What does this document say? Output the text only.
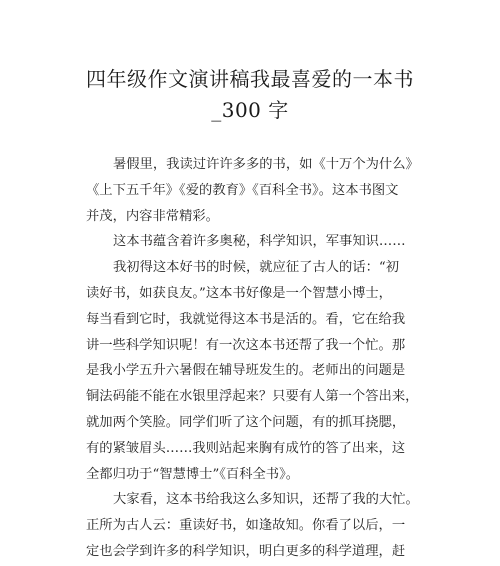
四年级作文演讲稿我最喜爱的一本书
_300 字
暑假里，我读过许许多多的书，如《十万个为什么》
《上下五千年》《爱的教育》《百科全书》。这本书图文
并茂，内容非常精彩。
这本书蕴含着许多奥秘，科学知识，军事知识……
我初得这本好书的时候，就应征了古人的话：“初
读好书，如获良友。”这本书好像是一个智慧小博士，
每当看到它时，我就觉得这本书是活的。看，它在给我
讲一些科学知识呢！有一次这本书还帮了我一个忙。那
是我小学五升六暑假在辅导班发生的。老师出的问题是
铜法码能不能在水银里浮起来？只要有人第一个答出来，
就加两个笑脸。同学们听了这个问题，有的抓耳挠腮，
有的紧皱眉头……我则站起来胸有成竹的答了出来，这
全都归功于“智慧博士”《百科全书》。
大家看，这本书给我这么多知识，还帮了我的大忙。
正所为古人云：重读好书，如逢故知。你看了以后，一
定也会学到许多的科学知识，明白更多的科学道理，赶
